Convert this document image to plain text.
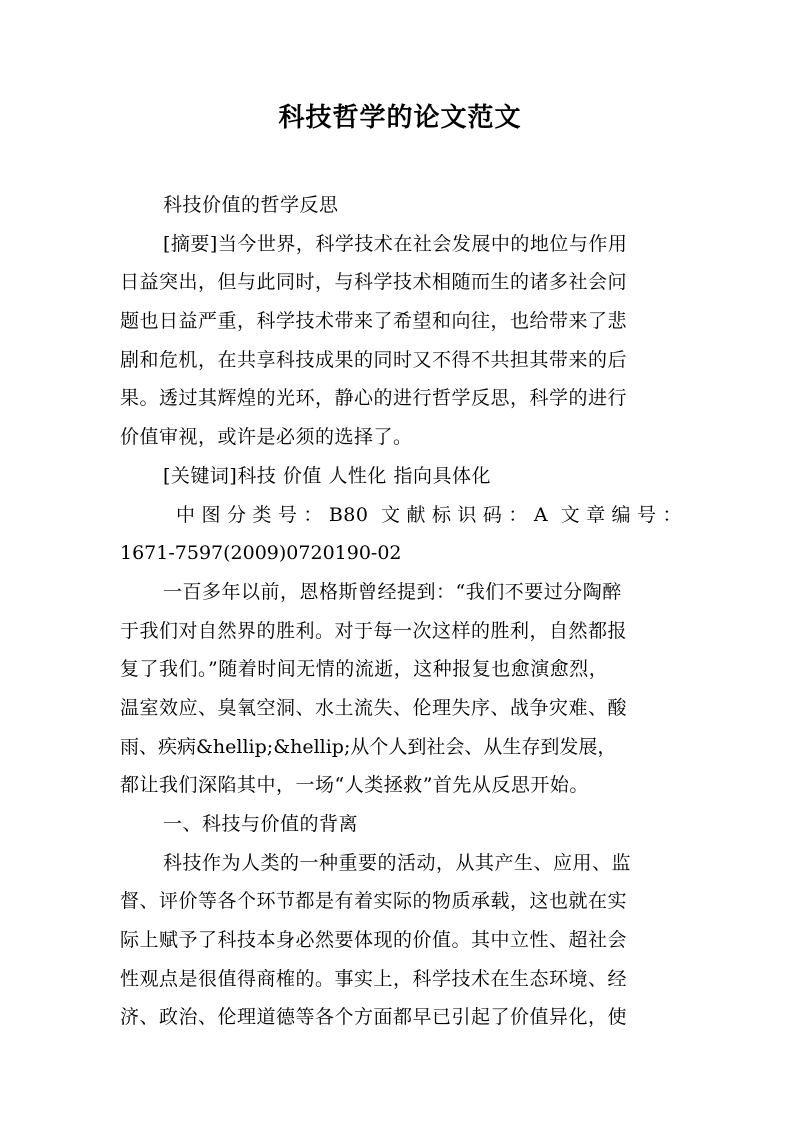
科技哲学的论文范文
科技价值的哲学反思
[摘要]当今世界，科学技术在社会发展中的地位与作用
日益突出，但与此同时，与科学技术相随而生的诸多社会问
题也日益严重，科学技术带来了希望和向往，也给带来了悲
剧和危机，在共享科技成果的同时又不得不共担其带来的后
果。透过其辉煌的光环，静心的进行哲学反思，科学的进行
价值审视，或许是必须的选择了。
[关键词]科技 价值 人性化 指向具体化
中图分类号：B80 文献标识码：A 文章编号：
1671-7597(2009)0720190-02
一百多年以前，恩格斯曾经提到：“我们不要过分陶醉
于我们对自然界的胜利。对于每一次这样的胜利，自然都报
复了我们。”随着时间无情的流逝，这种报复也愈演愈烈，
温室效应、臭氧空洞、水土流失、伦理失序、战争灾难、酸
雨、疾病&hellip;&hellip;从个人到社会、从生存到发展，
都让我们深陷其中，一场“人类拯救”首先从反思开始。
一、科技与价值的背离
科技作为人类的一种重要的活动，从其产生、应用、监
督、评价等各个环节都是有着实际的物质承载，这也就在实
际上赋予了科技本身必然要体现的价值。其中立性、超社会
性观点是很值得商榷的。事实上，科学技术在生态环境、经
济、政治、伦理道德等各个方面都早已引起了价值异化，使
